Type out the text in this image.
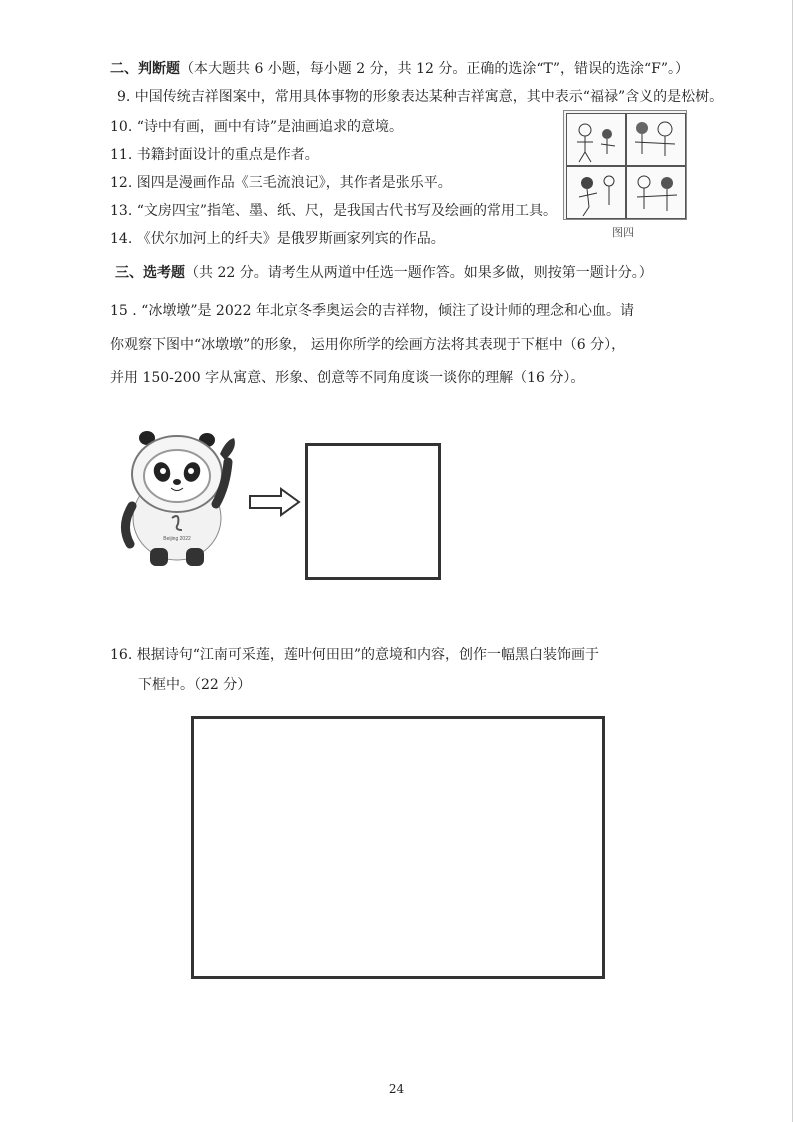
二、判断题（本大题共 6 小题，每小题 2 分，共 12 分。正确的选涂“T”，错误的选涂“F”。）
9. 中国传统吉祥图案中，常用具体事物的形象表达某种吉祥寓意，其中表示“福禄”含义的是松树。
10. “诗中有画，画中有诗”是油画追求的意境。
11. 书籍封面设计的重点是作者。
12. 图四是漫画作品《三毛流浪记》，其作者是张乐平。
13. “文房四宝”指笔、墨、纸、尺，是我国古代书写及绘画的常用工具。
14. 《伏尔加河上的纤夫》是俄罗斯画家列宾的作品。	图四
三、选考题（共 22 分。请考生从两道中任选一题作答。如果多做，则按第一题计分。）
15 . “冰墩墩”是 2022 年北京冬季奥运会的吉祥物，倾注了设计师的理念和心血。请
你观察下图中“冰墩墩”的形象， 运用你所学的绘画方法将其表现于下框中（6 分），
并用 150-200 字从寓意、形象、创意等不同角度谈一谈你的理解（16 分）。
Beijing 2022
16. 根据诗句“江南可采莲，莲叶何田田”的意境和内容，创作一幅黑白装饰画于
下框中。（22 分）
24
